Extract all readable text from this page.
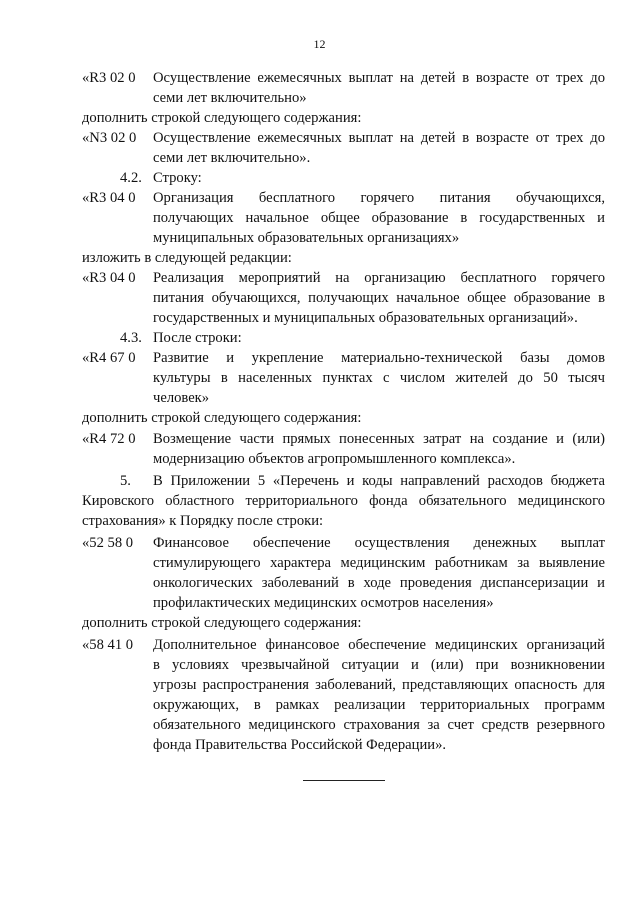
12
«R3 02 0 Осуществление ежемесячных выплат на детей в возрасте от трех до
семи лет включительно»
дополнить строкой следующего содержания:
«N3 02 0 Осуществление ежемесячных выплат на детей в возрасте от трех до
семи лет включительно».
4.2. Строку:
«R3 04 0 Организация бесплатного горячего питания обучающихся,
получающих начальное общее образование в государственных и
муниципальных образовательных организациях»
изложить в следующей редакции:
«R3 04 0 Реализация мероприятий на организацию бесплатного горячего
питания обучающихся, получающих начальное общее образование в
государственных и муниципальных образовательных организаций».
4.3. После строки:
«R4 67 0 Развитие и укрепление материально-технической базы домов
культуры в населенных пунктах с числом жителей до 50 тысяч
человек»
дополнить строкой следующего содержания:
«R4 72 0 Возмещение части прямых понесенных затрат на создание и (или)
модернизацию объектов агропромышленного комплекса».
5. В Приложении 5 «Перечень и коды направлений расходов бюджета
Кировского областного территориального фонда обязательного медицинского
страхования» к Порядку после строки:
«52 58 0 Финансовое обеспечение осуществления денежных выплат
стимулирующего характера медицинским работникам за выявление
онкологических заболеваний в ходе проведения диспансеризации и
профилактических медицинских осмотров населения»
дополнить строкой следующего содержания:
«58 41 0 Дополнительное финансовое обеспечение медицинских организаций
в условиях чрезвычайной ситуации и (или) при возникновении
угрозы распространения заболеваний, представляющих опасность для
окружающих, в рамках реализации территориальных программ
обязательного медицинского страхования за счет средств резервного
фонда Правительства Российской Федерации».
